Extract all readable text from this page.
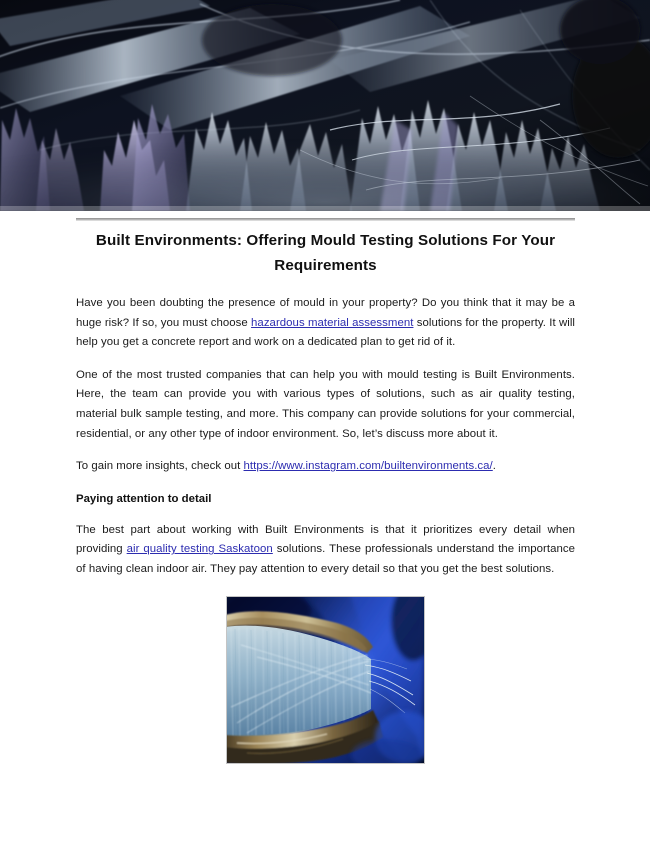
Built Environments: Offering Mould Testing Solutions For Your Requirements

Have you been doubting the presence of mould in your property? Do you think that it may be a huge risk? If so, you must choose hazardous material assessment solutions for the property. It will help you get a concrete report and work on a dedicated plan to get rid of it.

One of the most trusted companies that can help you with mould testing is Built Environments. Here, the team can provide you with various types of solutions, such as air quality testing, material bulk sample testing, and more. This company can provide solutions for your commercial, residential, or any other type of indoor environment. So, let’s discuss more about it.

To gain more insights, check out https://www.instagram.com/builtenvironments.ca/.

Paying attention to detail

The best part about working with Built Environments is that it prioritizes every detail when providing air quality testing Saskatoon solutions. These professionals understand the importance of having clean indoor air. They pay attention to every detail so that you get the best solutions.
